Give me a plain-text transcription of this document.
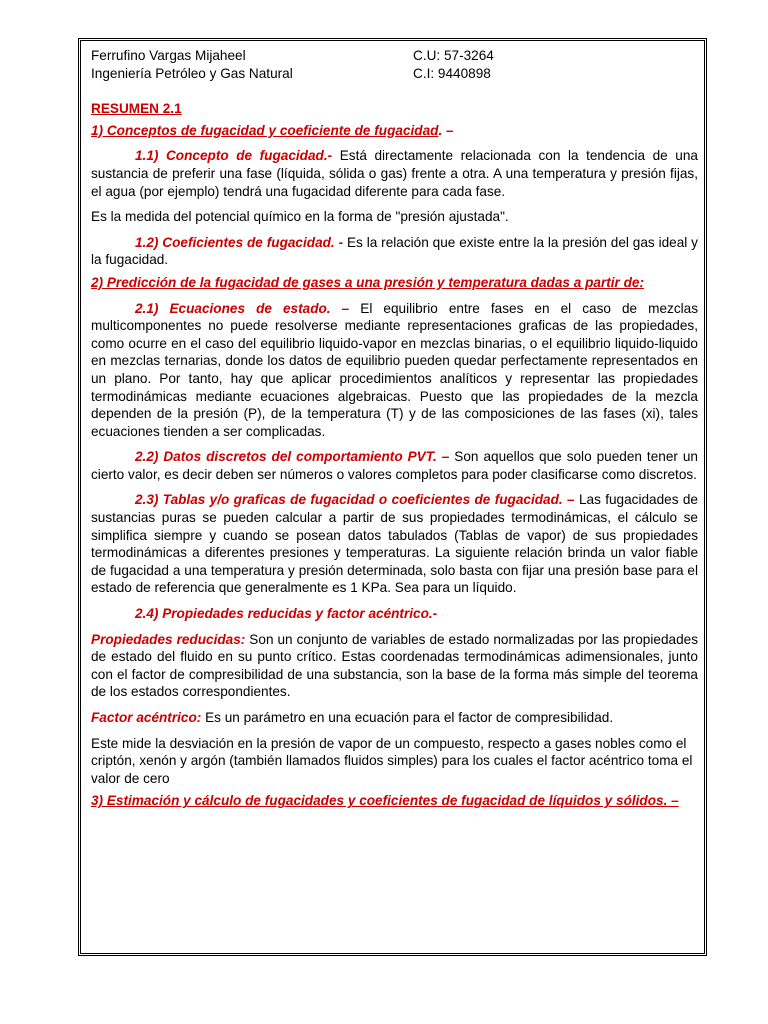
Ferrufino Vargas Mijaheel	C.U: 57-3264
Ingeniería Petróleo y Gas Natural	C.I: 9440898
RESUMEN 2.1

1) Conceptos de fugacidad y coeficiente de fugacidad. –

1.1) Concepto de fugacidad.- Está directamente relacionada con la tendencia de una sustancia de preferir una fase (líquida, sólida o gas) frente a otra. A una temperatura y presión fijas, el agua (por ejemplo) tendrá una fugacidad diferente para cada fase.

Es la medida del potencial químico en la forma de "presión ajustada".

1.2) Coeficientes de fugacidad. - Es la relación que existe entre la la presión del gas ideal y la fugacidad.

2) Predicción de la fugacidad de gases a una presión y temperatura dadas a partir de:

2.1) Ecuaciones de estado. – El equilibrio entre fases en el caso de mezclas multicomponentes no puede resolverse mediante representaciones graficas de las propiedades, como ocurre en el caso del equilibrio liquido-vapor en mezclas binarias, o el equilibrio liquido-liquido en mezclas ternarias, donde los datos de equilibrio pueden quedar perfectamente representados en un plano. Por tanto, hay que aplicar procedimientos analíticos y representar las propiedades termodinámicas mediante ecuaciones algebraicas. Puesto que las propiedades de la mezcla dependen de la presión (P), de la temperatura (T) y de las composiciones de las fases (xi), tales ecuaciones tienden a ser complicadas.

2.2) Datos discretos del comportamiento PVT. – Son aquellos que solo pueden tener un cierto valor, es decir deben ser números o valores completos para poder clasificarse como discretos.

2.3) Tablas y/o graficas de fugacidad o coeficientes de fugacidad. – Las fugacidades de sustancias puras se pueden calcular a partir de sus propiedades termodinámicas, el cálculo se simplifica siempre y cuando se posean datos tabulados (Tablas de vapor) de sus propiedades termodinámicas a diferentes presiones y temperaturas. La siguiente relación brinda un valor fiable de fugacidad a una temperatura y presión determinada, solo basta con fijar una presión base para el estado de referencia que generalmente es 1 KPa. Sea para un líquido.

2.4) Propiedades reducidas y factor acéntrico.-

Propiedades reducidas: Son un conjunto de variables de estado normalizadas por las propiedades de estado del fluido en su punto crítico. Estas coordenadas termodinámicas adimensionales, junto con el factor de compresibilidad de una substancia, son la base de la forma más simple del teorema de los estados correspondientes.

Factor acéntrico: Es un parámetro en una ecuación para el factor de compresibilidad.

Este mide la desviación en la presión de vapor de un compuesto, respecto a gases nobles como el criptón, xenón y argón (también llamados fluidos simples) para los cuales el factor acéntrico toma el valor de cero

3) Estimación y cálculo de fugacidades y coeficientes de fugacidad de líquidos y sólidos. –
